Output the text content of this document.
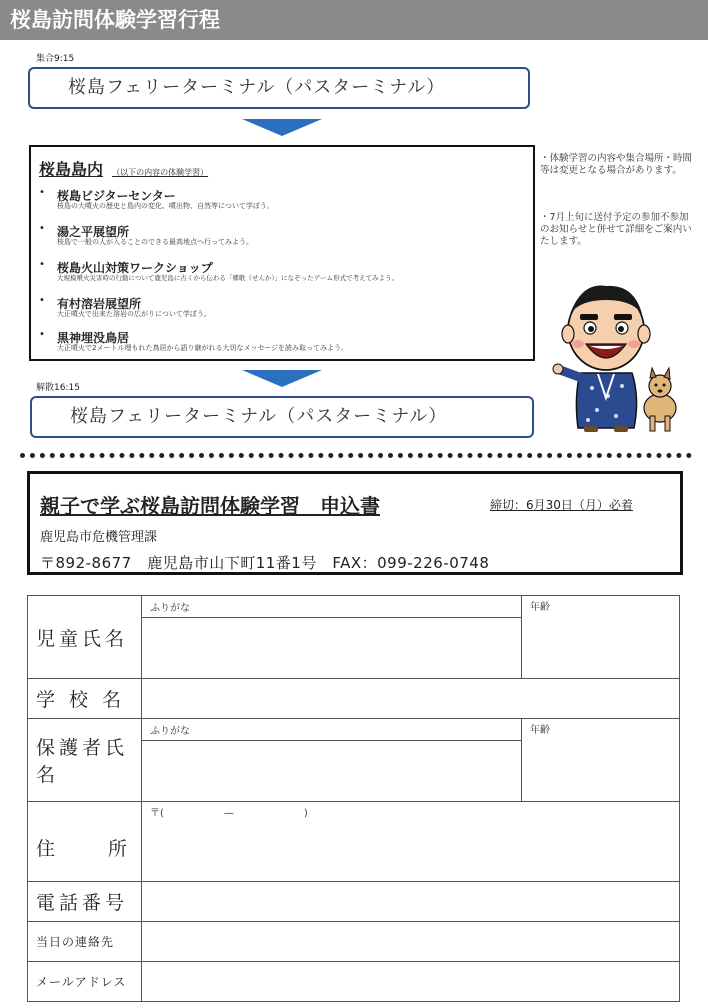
桜島訪問体験学習行程
集合9:15
桜島フェリーターミナル（パスターミナル）
桜島島内 （以下の内容の体験学習）
• 桜島ビジターセンター
桜島の大噴火の歴史と島内の変化、噴出物、自然等について学ぼう。
• 湯之平展望所
桜島で一般の人が入ることのできる最高地点へ行ってみよう。
• 桜島火山対策ワークショップ
大規模噴火災害時の行動について鹿児島に古くから伝わる「郷歌（せんか）」になぞったゲーム形式で考えてみよう。
• 有村溶岩展望所
大正噴火で出来た溶岩の広がりについて学ぼう。
• 黒神埋没鳥居
大正噴火で2メートル埋もれた鳥居から語り継がれる大切なメッセージを読み取ってみよう。
解散16:15
桜島フェリーターミナル（パスターミナル）
・体験学習の内容や集合場所・時間等は変更となる場合があります。
・7月上旬に送付予定の参加不参加のお知らせと併せて詳細をご案内いたします。
親子で学ぶ桜島訪問体験学習　申込書	締切：6月30日（月）必着
鹿児島市危機管理課
〒892-8677　鹿児島市山下町11番1号　FAX：099-226-0748
児童氏名	ふりがな	年齢

学 校 名		
保護者氏名	ふりがな	年齢

住 所	〒(　　　　　　—　　　　　　　)	

電話番号		
当日の連絡先		
メールアドレス		
